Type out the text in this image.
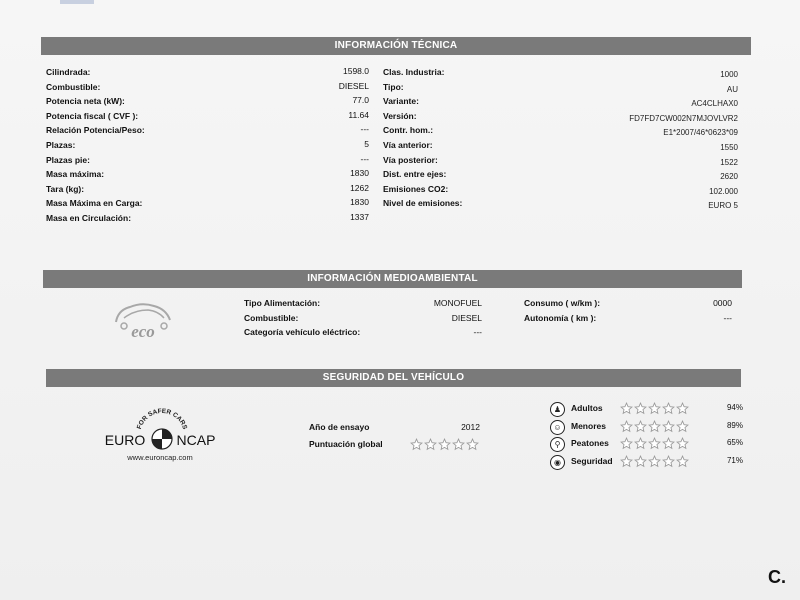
INFORMACIÓN TÉCNICA
Cilindrada:	1598.0
Combustible:	DIESEL
Potencia neta (kW):	77.0
Potencia fiscal ( CVF ):	11.64
Relación Potencia/Peso:	---
Plazas:	5
Plazas pie:	---
Masa máxima:	1830
Tara (kg):	1262
Masa Máxima en Carga:	1830
Masa en Circulación:	1337
Clas. Industria:	1000
Tipo:	AU
Variante:	AC4CLHAX0
Versión:	FD7FD7CW002N7MJOVLVR2
Contr. hom.:	E1*2007/46*0623*09
Vía anterior:	1550
Vía posterior:	1522
Dist. entre ejes:	2620
Emisiones CO2:	102.000
Nivel de emisiones:	EURO 5
INFORMACIÓN MEDIOAMBIENTAL
eco
Tipo Alimentación:	MONOFUEL
Combustible:	DIESEL
Categoría vehículo eléctrico:	---
Consumo ( w/km ):	0000
Autonomía ( km ):	---
SEGURIDAD DEL VEHÍCULO
FOR SAFER CARS
EURO NCAP
www.euroncap.com
Año de ensayo	2012
Puntuación global
♟	Adultos	94%
☺	Menores	89%
⚲	Peatones	65%
◉	Seguridad	71%
C.
